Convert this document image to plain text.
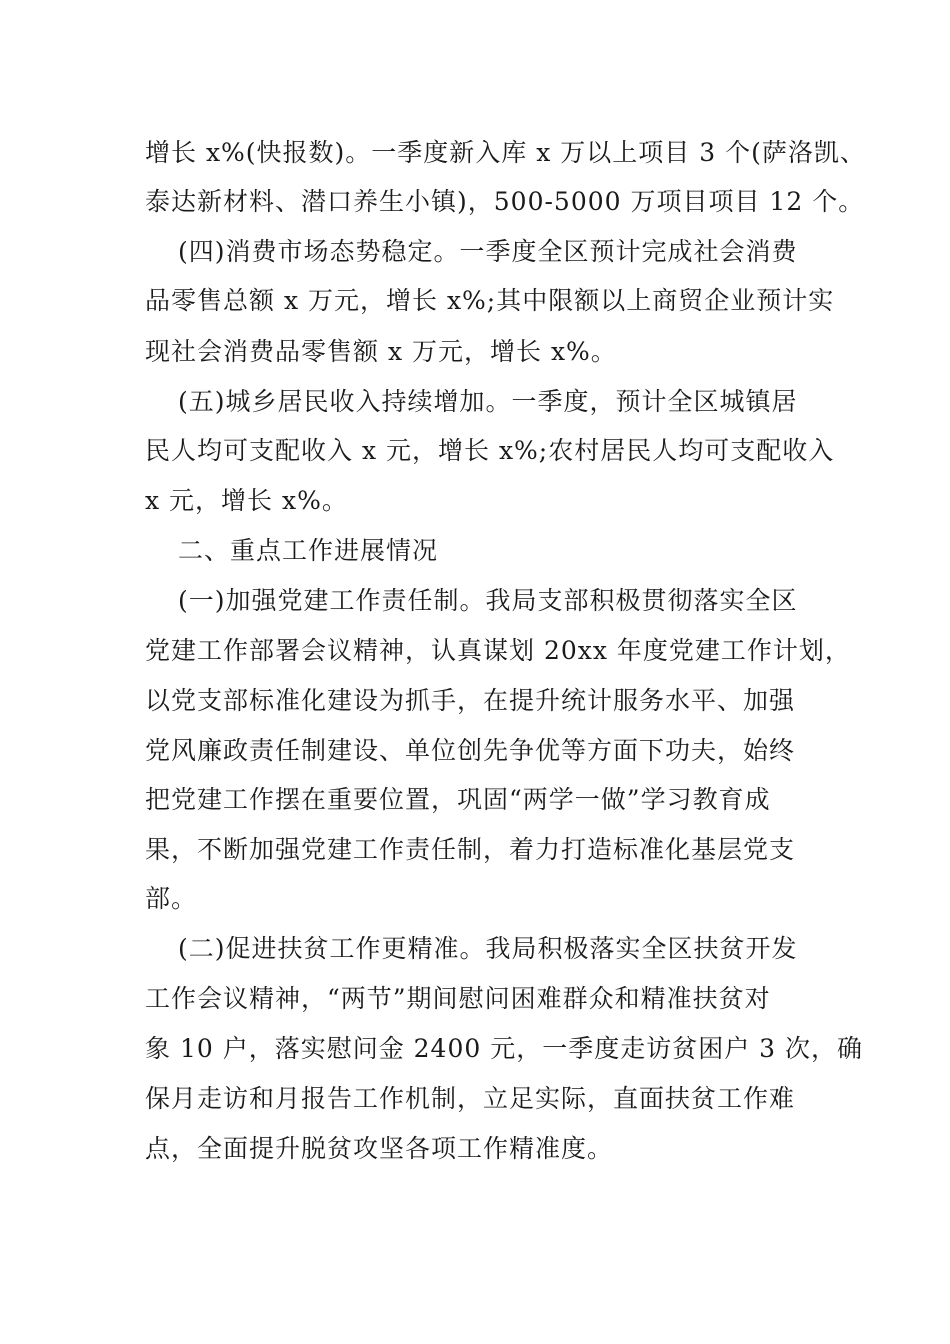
增长 x%(快报数)。一季度新入库 x 万以上项目 3 个(萨洛凯、
泰达新材料、潜口养生小镇)，500-5000 万项目项目 12 个。
(四)消费市场态势稳定。一季度全区预计完成社会消费
品零售总额 x 万元，增长 x%;其中限额以上商贸企业预计实
现社会消费品零售额 x 万元，增长 x%。
(五)城乡居民收入持续增加。一季度，预计全区城镇居
民人均可支配收入 x 元，增长 x%;农村居民人均可支配收入
x 元，增长 x%。
二、重点工作进展情况
(一)加强党建工作责任制。我局支部积极贯彻落实全区
党建工作部署会议精神，认真谋划 20xx 年度党建工作计划，
以党支部标准化建设为抓手，在提升统计服务水平、加强
党风廉政责任制建设、单位创先争优等方面下功夫，始终
把党建工作摆在重要位置，巩固“两学一做”学习教育成
果，不断加强党建工作责任制，着力打造标准化基层党支
部。
(二)促进扶贫工作更精准。我局积极落实全区扶贫开发
工作会议精神，“两节”期间慰问困难群众和精准扶贫对
象 10 户，落实慰问金 2400 元，一季度走访贫困户 3 次，确
保月走访和月报告工作机制，立足实际，直面扶贫工作难
点，全面提升脱贫攻坚各项工作精准度。
